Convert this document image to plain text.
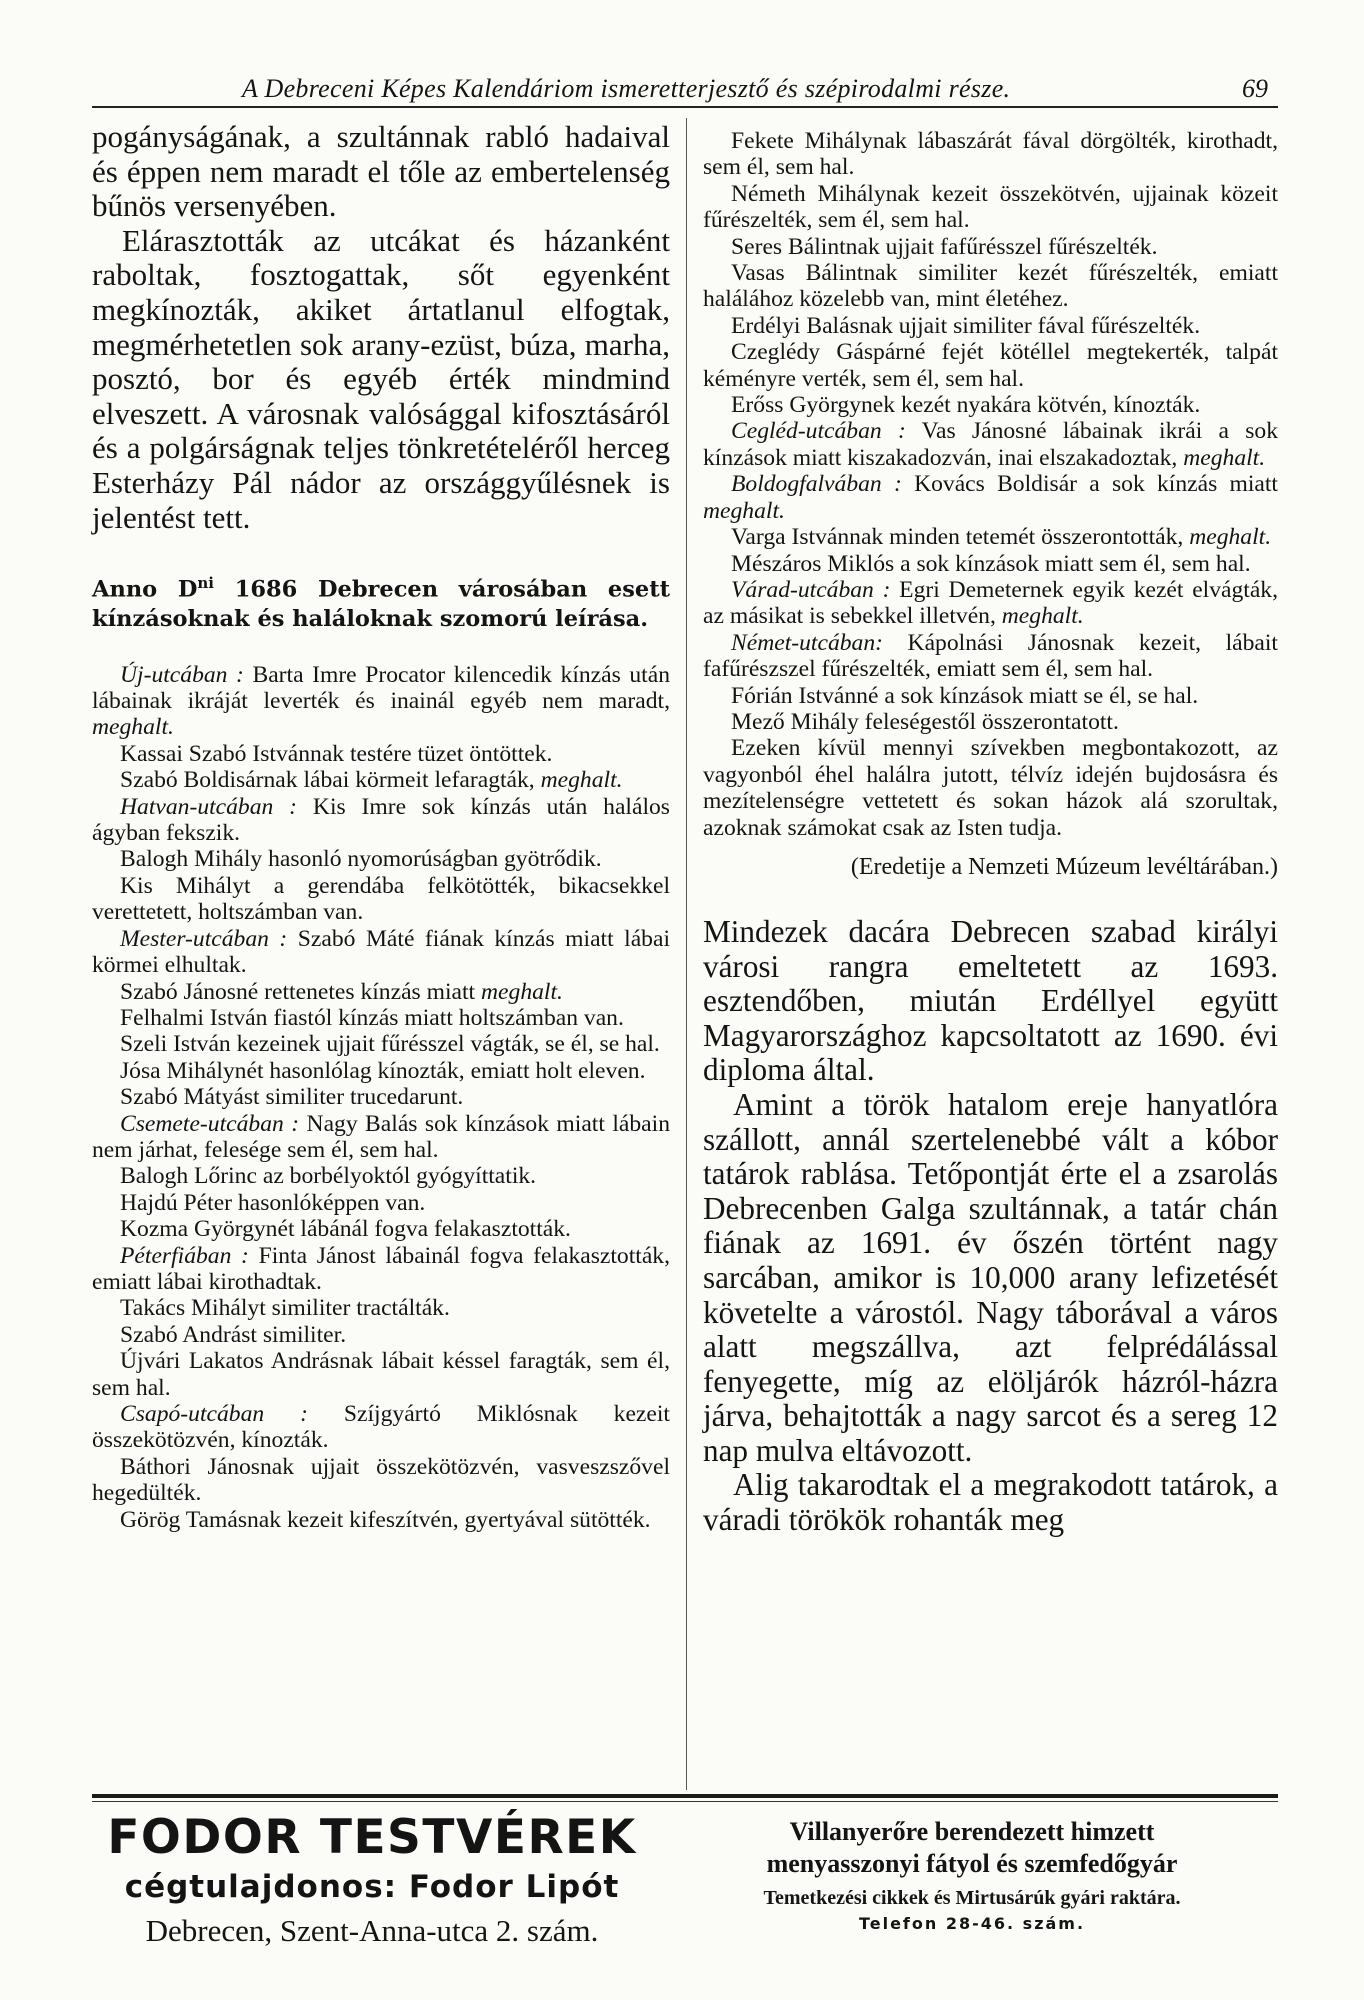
A Debreceni Képes Kalendáriom ismeretterjesztő és szépirodalmi része.	69

pogányságának, a szultánnak rabló hadaival és éppen nem maradt el tőle az embertelenség bűnös versenyében.

Elárasztották az utcákat és házanként raboltak, fosztogattak, sőt egyenként megkínozták, akiket ártatlanul elfogtak, megmérhetetlen sok arany-ezüst, búza, marha, posztó, bor és egyéb érték mindmind elveszett. A városnak valósággal kifosztásáról és a polgárságnak teljes tönkretételéről herceg Esterházy Pál nádor az országgyűlésnek is jelentést tett.

Anno $D^{ni}$ 1686 Debrecen városában esett kínzásoknak és haláloknak szomorú leírása.

Új-utcában : Barta Imre Procator kilencedik kínzás után lábainak ikráját leverték és inainál egyéb nem maradt, meghalt.

Kassai Szabó Istvánnak testére tüzet öntöttek.

Szabó Boldisárnak lábai körmeit lefaragták, meghalt.

Hatvan-utcában : Kis Imre sok kínzás után halálos ágyban fekszik.

Balogh Mihály hasonló nyomorúságban gyötrődik.

Kis Mihályt a gerendába felkötötték, bikacsekkel verettetett, holtszámban van.

Mester-utcában : Szabó Máté fiának kínzás miatt lábai körmei elhultak.

Szabó Jánosné rettenetes kínzás miatt meghalt.

Felhalmi István fiastól kínzás miatt holtszámban van.

Szeli István kezeinek ujjait fűrésszel vágták, se él, se hal.

Jósa Mihálynét hasonlólag kínozták, emiatt holt eleven.

Szabó Mátyást similiter trucedarunt.

Csemete-utcában : Nagy Balás sok kínzások miatt lábain nem járhat, felesége sem él, sem hal.

Balogh Lőrinc az borbélyoktól gyógyíttatik.

Hajdú Péter hasonlóképpen van.

Kozma Györgynét lábánál fogva felakasztották.

Péterfiában : Finta Jánost lábainál fogva felakasztották, emiatt lábai kirothadtak.

Takács Mihályt similiter tractálták.

Szabó Andrást similiter.

Újvári Lakatos Andrásnak lábait késsel faragták, sem él, sem hal.

Csapó-utcában : Szíjgyártó Miklósnak kezeit összekötözvén, kínozták.

Báthori Jánosnak ujjait összekötözvén, vasveszszővel hegedülték.

Görög Tamásnak kezeit kifeszítvén, gyertyával sütötték.

Fekete Mihálynak lábaszárát fával dörgölték, kirothadt, sem él, sem hal.

Németh Mihálynak kezeit összekötvén, ujjainak közeit fűrészelték, sem él, sem hal.

Seres Bálintnak ujjait fafűrésszel fűrészelték.

Vasas Bálintnak similiter kezét fűrészelték, emiatt halálához közelebb van, mint életéhez.

Erdélyi Balásnak ujjait similiter fával fűrészelték.

Czeglédy Gáspárné fejét kötéllel megtekerték, talpát kéményre verték, sem él, sem hal.

Erőss Györgynek kezét nyakára kötvén, kínozták.

Cegléd-utcában : Vas Jánosné lábainak ikrái a sok kínzások miatt kiszakadozván, inai elszakadoztak, meghalt.

Boldogfalvában : Kovács Boldisár a sok kínzás miatt meghalt.

Varga Istvánnak minden tetemét összerontották, meghalt.

Mészáros Miklós a sok kínzások miatt sem él, sem hal.

Várad-utcában : Egri Demeternek egyik kezét elvágták, az másikat is sebekkel illetvén, meghalt.

Német-utcában: Kápolnási Jánosnak kezeit, lábait fafűrészszel fűrészelték, emiatt sem él, sem hal.

Fórián Istvánné a sok kínzások miatt se él, se hal.

Mező Mihály feleségestől összerontatott.

Ezeken kívül mennyi szívekben megbontakozott, az vagyonból éhel halálra jutott, télvíz idején bujdosásra és mezítelenségre vettetett és sokan házok alá szorultak, azoknak számokat csak az Isten tudja.

(Eredetije a Nemzeti Múzeum levéltárában.)

Mindezek dacára Debrecen szabad királyi városi rangra emeltetett az 1693. esztendőben, miután Erdéllyel együtt Magyarországhoz kapcsoltatott az 1690. évi diploma által.

Amint a török hatalom ereje hanyatlóra szállott, annál szertelenebbé vált a kóbor tatárok rablása. Tetőpontját érte el a zsarolás Debrecenben Galga szultánnak, a tatár chán fiának az 1691. év őszén történt nagy sarcában, amikor is 10,000 arany lefizetését követelte a várostól. Nagy táborával a város alatt megszállva, azt felprédálással fenyegette, míg az elöljárók házról-házra járva, behajtották a nagy sarcot és a sereg 12 nap mulva eltávozott.

Alig takarodtak el a megrakodott tatárok, a váradi törökök rohanták meg

FODOR TESTVÉREK

cégtulajdonos: Fodor Lipót

Debrecen, Szent-Anna-utca 2. szám.

Villanyerőre berendezett himzett

menyasszonyi fátyol és szemfedőgyár

Temetkezési cikkek és Mirtusárúk gyári raktára.

Telefon 28-46. szám.
